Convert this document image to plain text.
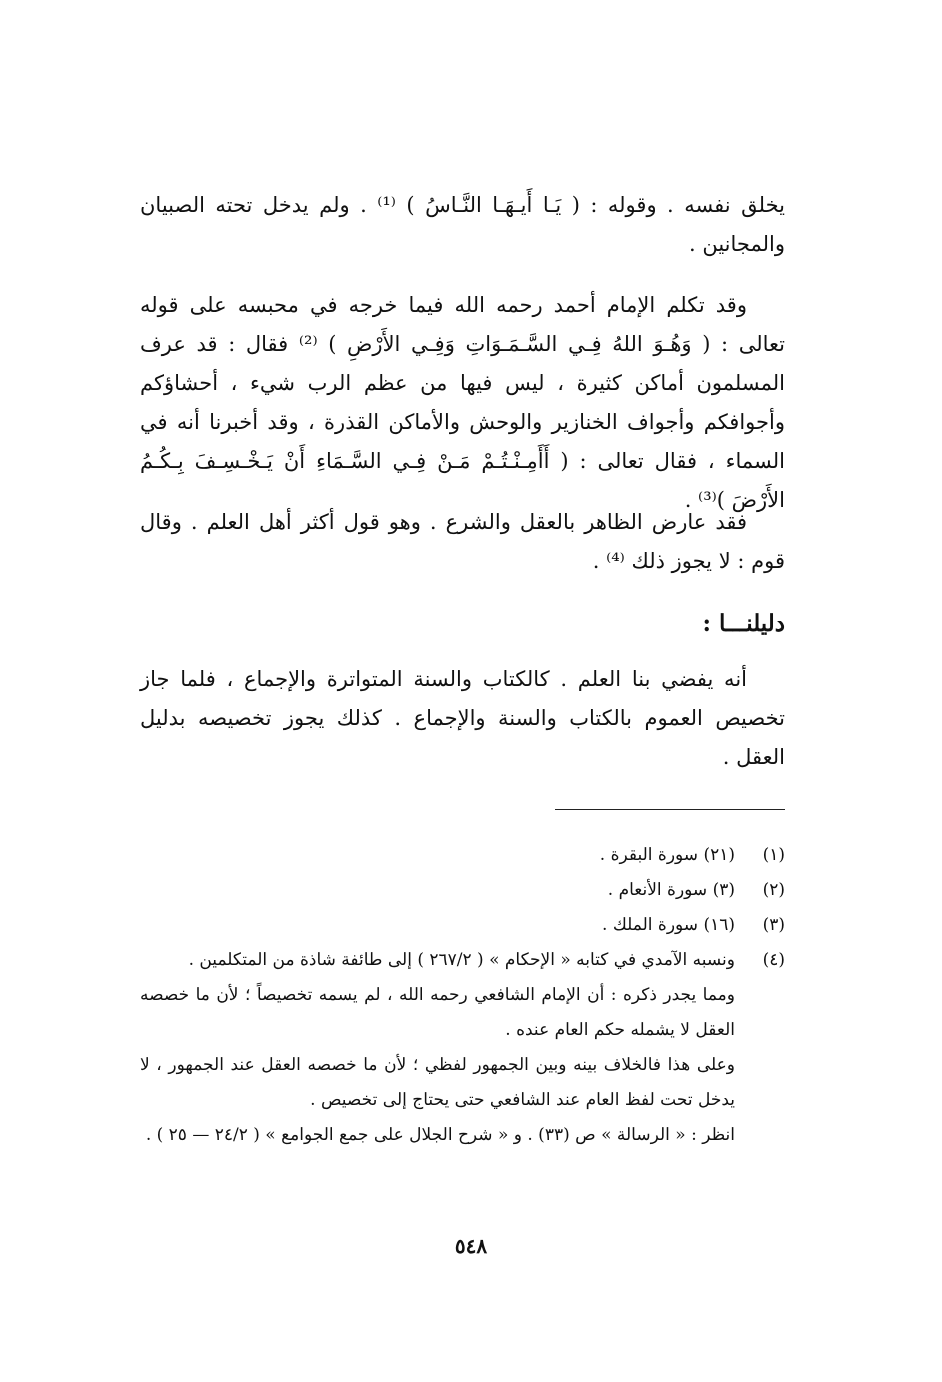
يخلق نفسه . وقوله : ( يَـا أَيـهَـا النَّـاسُ ) ⁽¹⁾ . ولم يدخل تحته الصبيان والمجانين .

وقد تكلم الإمام أحمد رحمه الله فيما خرجه في محبسه على قوله تعالى : ( وَهُـوَ اللهُ فِـي السَّـمَـوَاتِ وَفِـي الأَرْضِ ) ⁽²⁾ فقال : قد عرف المسلمون أماكن كثيرة ، ليس فيها من عظم الرب شيء ، أحشاؤكم وأجوافكم وأجواف الخنازير والوحش والأماكن القذرة ، وقد أخبرنا أنه في السماء ، فقال تعالى : ( أَأَمِـنْـتُـمْ مَـنْ فِـي السَّـمَاءِ أَنْ يَـخْـسِـفَ بِـكُـمُ الأَرْضَ )⁽³⁾ .

فقد عارض الظاهر بالعقل والشرع . وهو قول أكثر أهل العلم . وقال قوم : لا يجوز ذلك ⁽⁴⁾ .

دليلنـــا :

أنه يفضي بنا العلم . كالكتاب والسنة المتواترة والإجماع ، فلما جاز تخصيص العموم بالكتاب والسنة والإجماع . كذلك يجوز تخصيصه بدليل العقل .

(١)
(٢١) سورة البقرة .
(٢)
(٣) سورة الأنعام .
(٣)
(١٦) سورة الملك .
(٤)

ونسبه الآمدي في كتابه « الإحكام » ( ٢٦٧/٢ ) إلى طائفة شاذة من المتكلمين .

ومما يجدر ذكره : أن الإمام الشافعي رحمه الله ، لم يسمه تخصيصاً ؛ لأن ما خصصه العقل لا يشمله حكم العام عنده .

وعلى هذا فالخلاف بينه وبين الجمهور لفظي ؛ لأن ما خصصه العقل عند الجمهور ، لا يدخل تحت لفظ العام عند الشافعي حتى يحتاج إلى تخصيص .

انظر : « الرسالة » ص (٣٣) . و « شرح الجلال على جمع الجوامع » ( ٢٤/٢ — ٢٥ ) .

٥٤٨
